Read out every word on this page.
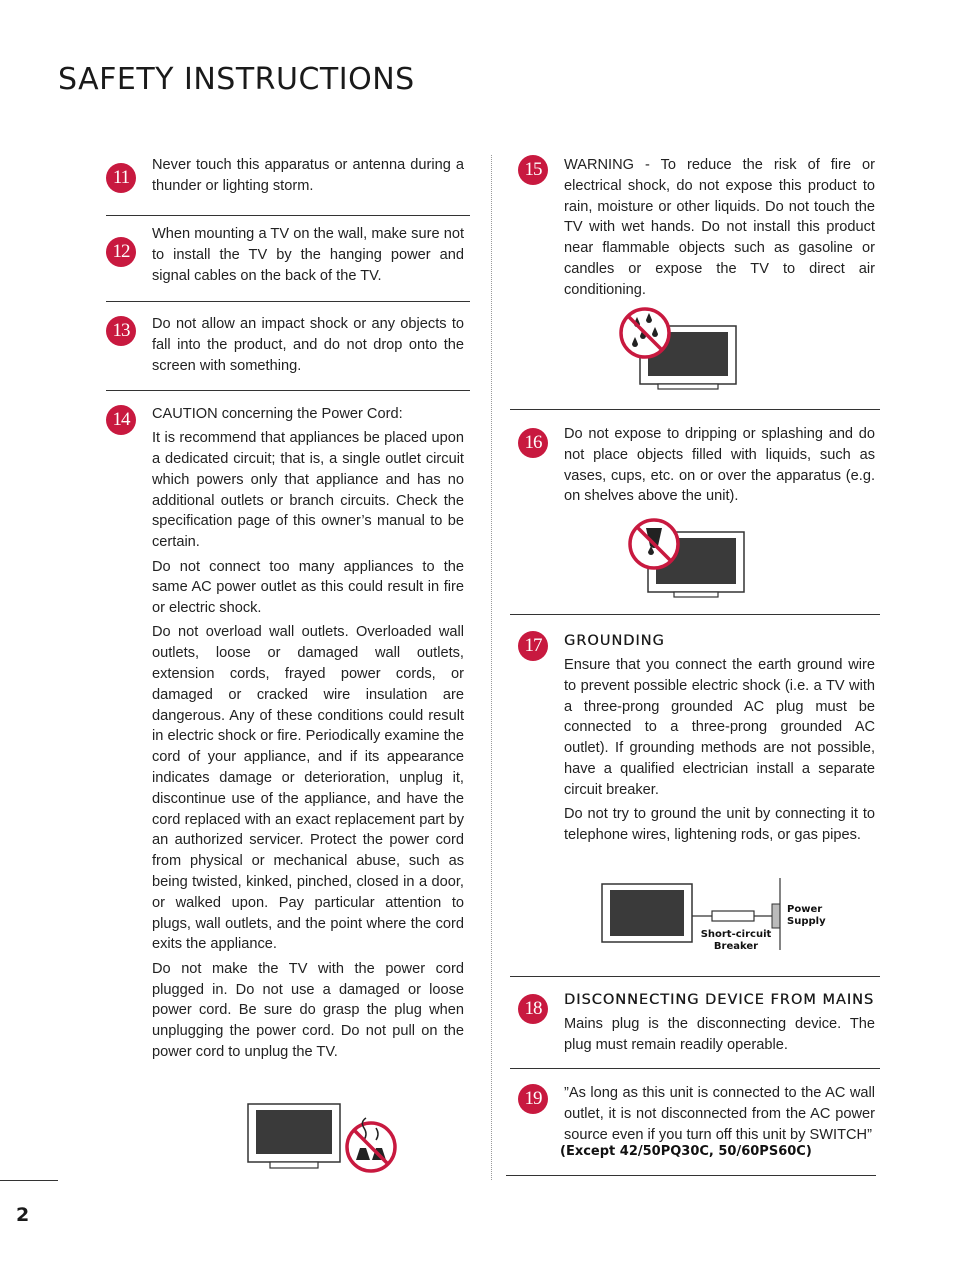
SAFETY INSTRUCTIONS
11

Never touch this apparatus or antenna during a thunder or lighting storm.

12

When mounting a TV on the wall, make sure not to install the TV by the hanging power and signal cables on the back of the TV.

13	Do not allow an impact shock or any objects to fall into the product, and do not drop onto the screen with something.

14	CAUTION concerning the Power Cord:

It is recommend that appliances be placed upon a dedicated circuit; that is, a single outlet circuit which powers only that appliance and has no additional outlets or branch circuits. Check the specification page of this owner’s manual to be certain.

Do not connect too many appliances to the same AC power outlet as this could result in fire or electric shock.

Do not overload wall outlets. Overloaded wall outlets, loose or damaged wall outlets, extension cords, frayed power cords, or damaged or cracked wire insulation are dangerous. Any of these conditions could result in electric shock or fire. Periodically examine the cord of your appliance, and if its appearance indicates damage or deterioration, unplug it, discontinue use of the appliance, and have the cord replaced with an exact replacement part by an authorized servicer. Protect the power cord from physical or mechanical abuse, such as being twisted, kinked, pinched, closed in a door, or walked upon. Pay particular attention to plugs, wall outlets, and the point where the cord exits the appliance.

Do not make the TV with the power cord plugged in. Do not use a damaged or loose power cord. Be sure do grasp the plug when unplugging the power cord. Do not pull on the power cord to unplug the TV.

15	WARNING - To reduce the risk of fire or electrical shock, do not expose this product to rain, moisture or other liquids. Do not touch the TV with wet hands. Do not install this product near flammable objects such as gasoline or candles or expose the TV to direct air conditioning.

16	Do not expose to dripping or splashing and do not place objects filled with liquids, such as vases, cups, etc. on or over the apparatus (e.g. on shelves above the unit).

17	GROUNDING

Ensure that you connect the earth ground wire to prevent possible electric shock (i.e. a TV with a three-prong grounded AC plug must be connected to a three-prong grounded AC outlet). If grounding methods are not possible, have a qualified electrician install a separate circuit breaker.

Do not try to ground the unit by connecting it to telephone wires, lightening rods, or gas pipes.

Short-circuit
Breaker
Power
Supply
18	DISCONNECTING DEVICE FROM MAINS

Mains plug is the disconnecting device. The plug must remain readily operable.

19	”As long as this unit is connected to the AC wall outlet, it is not disconnected from the AC power source even if you turn off this unit by SWITCH”

(Except 42/50PQ30C, 50/60PS60C)
2
